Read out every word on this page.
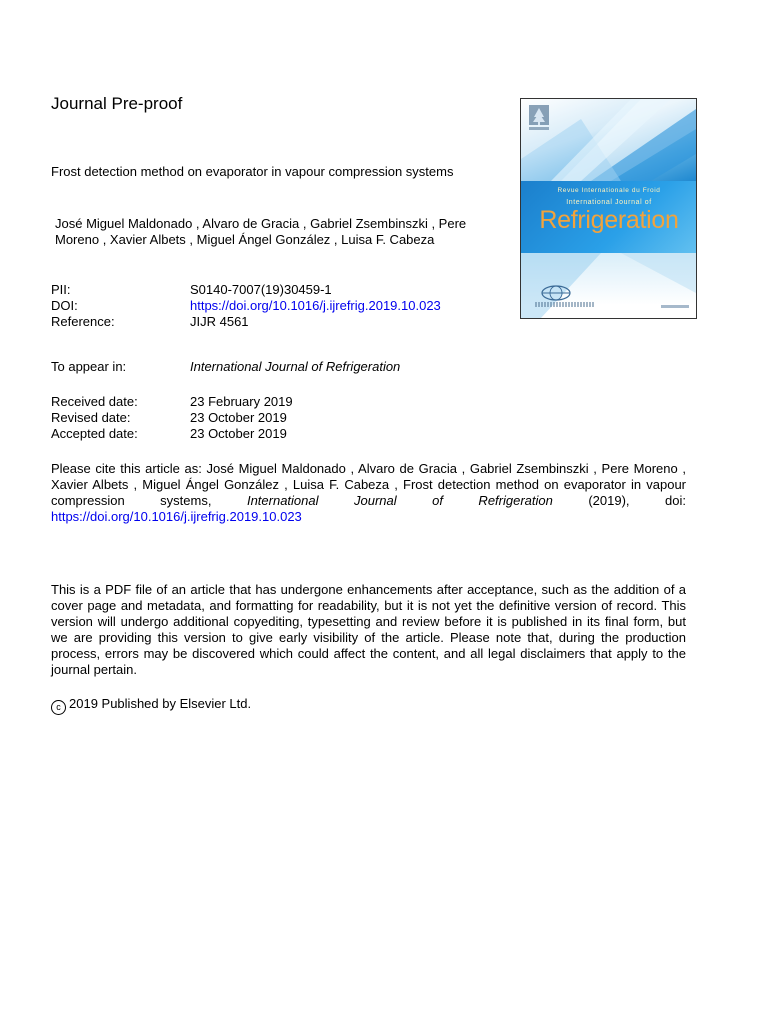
Journal Pre-proof
Frost detection method on evaporator in vapour compression systems
José Miguel Maldonado , Alvaro de Gracia , Gabriel Zsembinszki , Pere Moreno , Xavier Albets , Miguel Ángel González , Luisa F. Cabeza
PII:	S0140-7007(19)30459-1
DOI:	https://doi.org/10.1016/j.ijrefrig.2019.10.023
Reference:	JIJR 4561
To appear in:	International Journal of Refrigeration
Received date:	23 February 2019
Revised date:	23 October 2019
Accepted date:	23 October 2019
Please cite this article as: José Miguel Maldonado , Alvaro de Gracia , Gabriel Zsembinszki , Pere Moreno , Xavier Albets , Miguel Ángel González , Luisa F. Cabeza , Frost detection method on evaporator in vapour compression systems,	International Journal of Refrigeration	(2019), doi: https://doi.org/10.1016/j.ijrefrig.2019.10.023
This is a PDF file of an article that has undergone enhancements after acceptance, such as the addition of a cover page and metadata, and formatting for readability, but it is not yet the definitive version of record. This version will undergo additional copyediting, typesetting and review before it is published in its final form, but we are providing this version to give early visibility of the article. Please note that, during the production process, errors may be discovered which could affect the content, and all legal disclaimers that apply to the journal pertain.
c 2019 Published by Elsevier Ltd.
Revue Internationale du Froid
International Journal of
Refrigeration
